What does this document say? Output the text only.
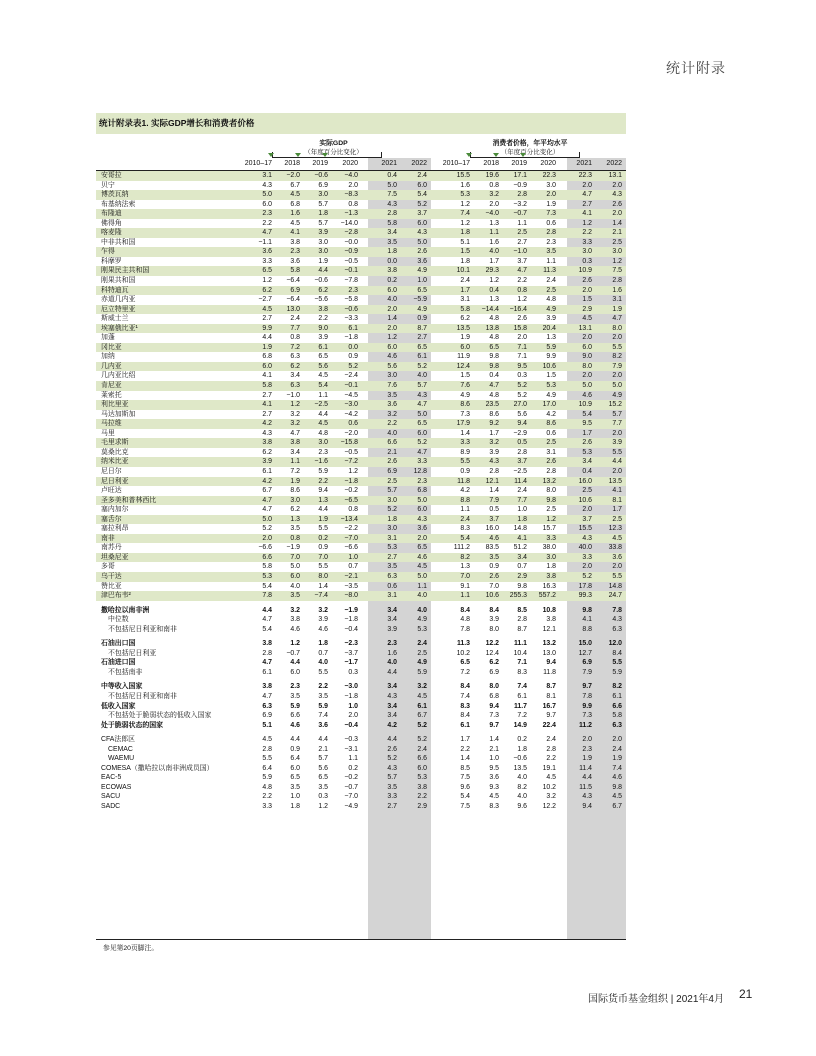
统计附录
统计附录表1. 实际GDP增长和消费者价格
实际GDP
（年度百分比变化）
消费者价格，年平均水平
（年度百分比变化）
2010–17	2018	2019	2020	2021	2022	2010–17	2018	2019	2020	2021	2022
安哥拉	3.1 −2.0 −0.6 −4.0	0.4	2.4	15.5 19.6 17.1 22.3	22.3 13.1
贝宁	4.3	6.7	6.9	2.0	5.0	6.0	1.6	0.8 −0.9	3.0	2.0	2.0
博茨瓦纳	5.0	4.5	3.0 −8.3	7.5	5.4	5.3	3.2	2.8	2.0	4.7	4.3
布基纳法索	6.0	6.8	5.7	0.8	4.3	5.2	1.2	2.0 −3.2	1.9	2.7	2.6
布隆迪	2.3	1.6	1.8 −1.3	2.8	3.7	7.4 −4.0 −0.7	7.3	4.1	2.0
佛得角	2.2	4.5	5.7 −14.0	5.8	6.0	1.2	1.3	1.1	0.6	1.2	1.4
喀麦隆	4.7	4.1	3.9 −2.8	3.4	4.3	1.8	1.1	2.5	2.8	2.2	2.1
中非共和国	−1.1	3.8	3.0 −0.0	3.5	5.0	5.1	1.6	2.7	2.3	3.3	2.5
乍得	3.6	2.3	3.0 −0.9	1.8	2.6	1.5	4.0 −1.0	3.5	3.0	3.0
科摩罗	3.3	3.6	1.9 −0.5	0.0	3.6	1.8	1.7	3.7	1.1	0.3	1.2
刚果民主共和国	6.5	5.8	4.4 −0.1	3.8	4.9	10.1 29.3	4.7 11.3	10.9	7.5
刚果共和国	1.2 −6.4 −0.6 −7.8	0.2	1.0	2.4	1.2	2.2	2.4	2.6	2.8
科特迪瓦	6.2	6.9	6.2	2.3	6.0	6.5	1.7	0.4	0.8	2.5	2.0	1.6
赤道几内亚	−2.7 −6.4 −5.6 −5.8	4.0 −5.9	3.1	1.3	1.2	4.8	1.5	3.1
厄立特里亚	4.5 13.0	3.8 −0.6	2.0	4.9	5.8 −14.4 −16.4	4.9	2.9	1.9
斯威士兰	2.7	2.4	2.2 −3.3	1.4	0.9	6.2	4.8	2.6	3.9	4.5	4.7
埃塞俄比亚¹	9.9	7.7	9.0	6.1	2.0	8.7	13.5 13.8 15.8 20.4	13.1	8.0
加蓬	4.4	0.8	3.9 −1.8	1.2	2.7	1.9	4.8	2.0	1.3	2.0	2.0
冈比亚	1.9	7.2	6.1	0.0	6.0	6.5	6.0	6.5	7.1	5.9	6.0	5.5
加纳	6.8	6.3	6.5	0.9	4.6	6.1	11.9	9.8	7.1	9.9	9.0	8.2
几内亚	6.0	6.2	5.6	5.2	5.6	5.2	12.4	9.8	9.5 10.6	8.0	7.9
几内亚比绍	4.1	3.4	4.5 −2.4	3.0	4.0	1.5	0.4	0.3	1.5	2.0	2.0
肯尼亚	5.8	6.3	5.4 −0.1	7.6	5.7	7.6	4.7	5.2	5.3	5.0	5.0
莱索托	2.7 −1.0	1.1 −4.5	3.5	4.3	4.9	4.8	5.2	4.9	4.6	4.9
利比里亚	4.1	1.2 −2.5 −3.0	3.6	4.7	8.6 23.5 27.0 17.0	10.9 15.2
马达加斯加	2.7	3.2	4.4 −4.2	3.2	5.0	7.3	8.6	5.6	4.2	5.4	5.7
马拉维	4.2	3.2	4.5	0.6	2.2	6.5	17.9	9.2	9.4	8.6	9.5	7.7
马里	4.3	4.7	4.8 −2.0	4.0	6.0	1.4	1.7 −2.9	0.6	1.7	2.0
毛里求斯	3.8	3.8	3.0 −15.8	6.6	5.2	3.3	3.2	0.5	2.5	2.6	3.9
莫桑比克	6.2	3.4	2.3 −0.5	2.1	4.7	8.9	3.9	2.8	3.1	5.3	5.5
纳米比亚	3.9	1.1 −1.6 −7.2	2.6	3.3	5.5	4.3	3.7	2.6	3.4	4.4
尼日尔	6.1	7.2	5.9	1.2	6.9 12.8	0.9	2.8 −2.5	2.8	0.4	2.0
尼日利亚	4.2	1.9	2.2 −1.8	2.5	2.3	11.8 12.1 11.4 13.2	16.0 13.5
卢旺达	6.7	8.6	9.4 −0.2	5.7	6.8	4.2	1.4	2.4	8.0	2.5	4.1
圣多美和普林西比	4.7	3.0	1.3 −6.5	3.0	5.0	8.8	7.9	7.7	9.8	10.6	8.1
塞内加尔	4.7	6.2	4.4	0.8	5.2	6.0	1.1	0.5	1.0	2.5	2.0	1.7
塞舌尔	5.0	1.3	1.9 −13.4	1.8	4.3	2.4	3.7	1.8	1.2	3.7	2.5
塞拉利昂	5.2	3.5	5.5 −2.2	3.0	3.6	8.3 16.0 14.8 15.7	15.5 12.3
南非	2.0	0.8	0.2 −7.0	3.1	2.0	5.4	4.6	4.1	3.3	4.3	4.5
南苏丹	−6.6 −1.9	0.9 −6.6	5.3	6.5	111.2 83.5 51.2 38.0	40.0 33.8
坦桑尼亚	6.6	7.0	7.0	1.0	2.7	4.6	8.2	3.5	3.4	3.0	3.3	3.6
多哥	5.8	5.0	5.5	0.7	3.5	4.5	1.3	0.9	0.7	1.8	2.0	2.0
乌干达	5.3	6.0	8.0 −2.1	6.3	5.0	7.0	2.6	2.9	3.8	5.2	5.5
赞比亚	5.4	4.0	1.4 −3.5	0.6	1.1	9.1	7.0	9.8 16.3	17.8 14.8
津巴布韦²	7.8	3.5 −7.4 −8.0	3.1	4.0	1.1 10.6 255.3 557.2	99.3 24.7
撒哈拉以南非洲	4.4	3.2	3.2 −1.9	3.4	4.0	8.4	8.4	8.5 10.8	9.8	7.8
中位数	4.7	3.8	3.9 −1.8	3.4	4.9	4.8	3.9	2.8	3.8	4.1	4.3
不包括尼日利亚和南非	5.4	4.6	4.6 −0.4	3.9	5.3	7.8	8.0	8.7 12.1	8.8	6.3
石油出口国	3.8	1.2	1.8 −2.3	2.3	2.4	11.3 12.2 11.1 13.2	15.0 12.0
不包括尼日利亚	2.8 −0.7	0.7 −3.7	1.6	2.5	10.2 12.4 10.4 13.0	12.7	8.4
石油进口国	4.7	4.4	4.0 −1.7	4.0	4.9	6.5	6.2	7.1	9.4	6.9	5.5
不包括南非	6.1	6.0	5.5	0.3	4.4	5.9	7.2	6.9	8.3 11.8	7.9	5.9
中等收入国家	3.8	2.3	2.2 −3.0	3.4	3.2	8.4	8.0	7.4	8.7	9.7	8.2
不包括尼日利亚和南非	4.7	3.5	3.5 −1.8	4.3	4.5	7.4	6.8	6.1	8.1	7.8	6.1
低收入国家	6.3	5.9	5.9	1.0	3.4	6.1	8.3	9.4 11.7 16.7	9.9	6.6
不包括处于脆弱状态的低收入国家	6.9	6.6	7.4	2.0	3.4	6.7	8.4	7.3	7.2	9.7	7.3	5.8
处于脆弱状态的国家	5.1	4.6	3.6 −0.4	4.2	5.2	6.1	9.7 14.9 22.4	11.2	6.3
CFA法郎区	4.5	4.4	4.4 −0.3	4.4	5.2	1.7	1.4	0.2	2.4	2.0	2.0
CEMAC	2.8	0.9	2.1 −3.1	2.6	2.4	2.2	2.1	1.8	2.8	2.3	2.4
WAEMU	5.5	6.4	5.7	1.1	5.2	6.6	1.4	1.0 −0.6	2.2	1.9	1.9
COMESA（撒哈拉以南非洲成员国）	6.4	6.0	5.6	0.2	4.3	6.0	8.5	9.5 13.5 19.1	11.4	7.4
EAC-5	5.9	6.5	6.5 −0.2	5.7	5.3	7.5	3.6	4.0	4.5	4.4	4.6
ECOWAS	4.8	3.5	3.5 −0.7	3.5	3.8	9.6	9.3	8.2 10.2	11.5	9.8
SACU	2.2	1.0	0.3 −7.0	3.3	2.2	5.4	4.5	4.0	3.2	4.3	4.5
SADC	3.3	1.8	1.2 −4.9	2.7	2.9	7.5	8.3	9.6 12.2	9.4	6.7
参见第20页脚注。
国际货币基金组织 | 2021年4月 21
